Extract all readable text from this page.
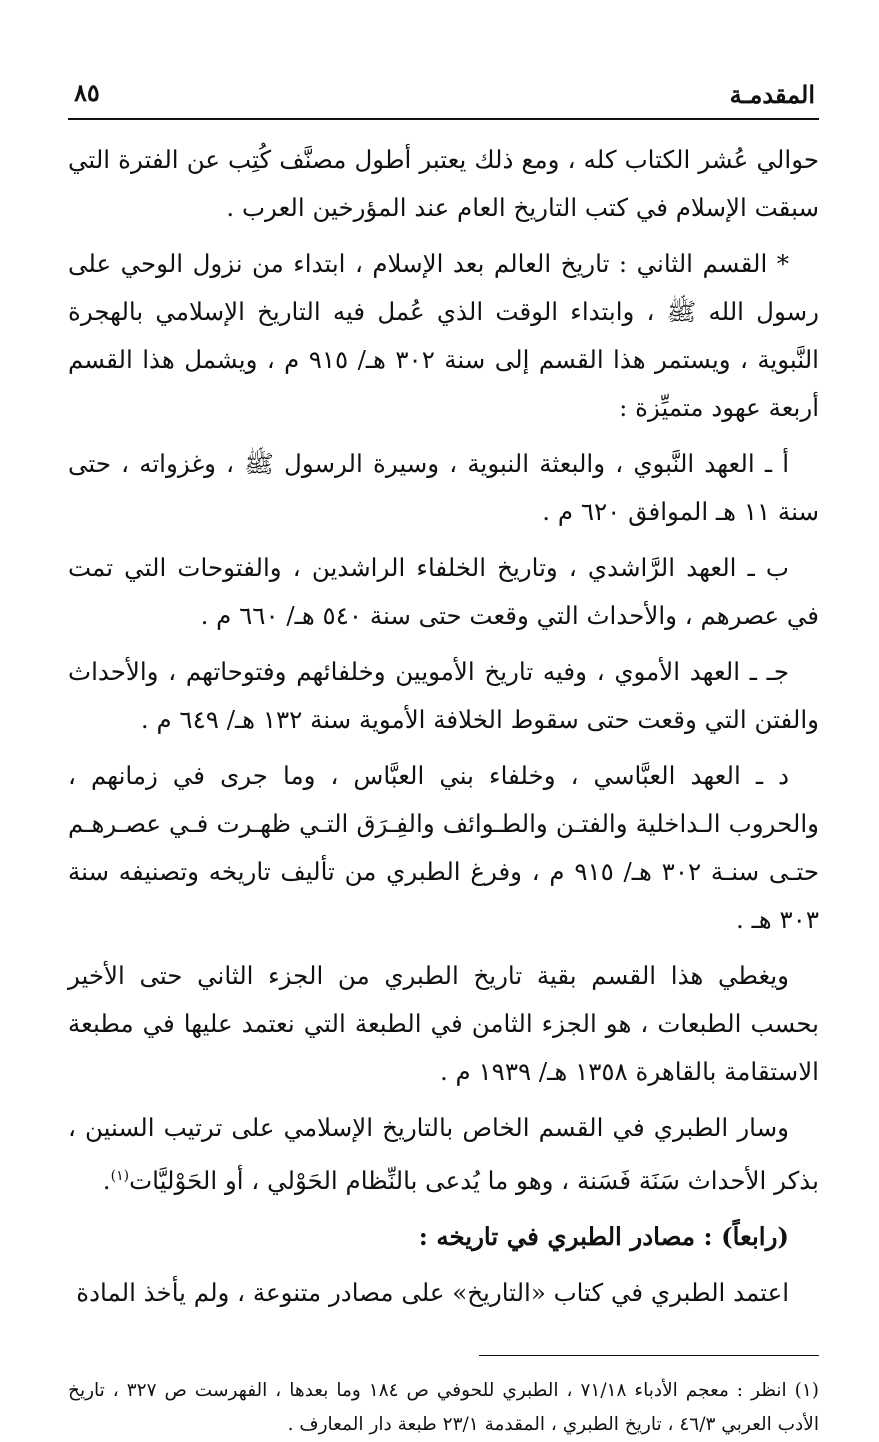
المقدمـة
٨٥

حوالي عُشر الكتاب كله ، ومع ذلك يعتبر أطول مصنَّف كُتِب عن الفترة التي سبقت الإسلام في كتب التاريخ العام عند المؤرخين العرب .

* القسم الثاني : تاريخ العالم بعد الإسلام ، ابتداء من نزول الوحي على رسول الله ﷺ ، وابتداء الوقت الذي عُمل فيه التاريخ الإسلامي بالهجرة النَّبوية ، ويستمر هذا القسم إلى سنة ٣٠٢ هـ/ ٩١٥ م ، ويشمل هذا القسم أربعة عهود متميِّزة :

أ ـ العهد النَّبوي ، والبعثة النبوية ، وسيرة الرسول ﷺ ، وغزواته ، حتى سنة ١١ هـ الموافق ٦٢٠ م .

ب ـ العهد الرَّاشدي ، وتاريخ الخلفاء الراشدين ، والفتوحات التي تمت في عصرهم ، والأحداث التي وقعت حتى سنة ٥٤٠ هـ/ ٦٦٠ م .

جـ ـ العهد الأموي ، وفيه تاريخ الأمويين وخلفائهم وفتوحاتهم ، والأحداث والفتن التي وقعت حتى سقوط الخلافة الأموية سنة ١٣٢ هـ/ ٦٤٩ م .

د ـ العهد العبَّاسي ، وخلفاء بني العبَّاس ، وما جرى في زمانهم ، والحروب الـداخلية والفتـن والطـوائف والفِـرَق التـي ظهـرت فـي عصـرهـم حتـى سنـة ٣٠٢ هـ/ ٩١٥ م ، وفرغ الطبري من تأليف تاريخه وتصنيفه سنة ٣٠٣ هـ .

ويغطي هذا القسم بقية تاريخ الطبري من الجزء الثاني حتى الأخير بحسب الطبعات ، هو الجزء الثامن في الطبعة التي نعتمد عليها في مطبعة الاستقامة بالقاهرة ١٣٥٨ هـ/ ١٩٣٩ م .

وسار الطبري في القسم الخاص بالتاريخ الإسلامي على ترتيب السنين ، بذكر الأحداث سَنَة فَسَنة ، وهو ما يُدعى بالنِّظام الحَوْلي ، أو الحَوْليَّات$^{(١)}$.

(رابعاً) : مصادر الطبري في تاريخه :

اعتمد الطبري في كتاب «التاريخ» على مصادر متنوعة ، ولم يأخذ المادة

(١) انظر : معجم الأدباء ٧١/١٨ ، الطبري للحوفي ص ١٨٤ وما بعدها ، الفهرست ص ٣٢٧ ، تاريخ الأدب العربي ٤٦/٣ ، تاريخ الطبري ، المقدمة ٢٣/١ طبعة دار المعارف .
